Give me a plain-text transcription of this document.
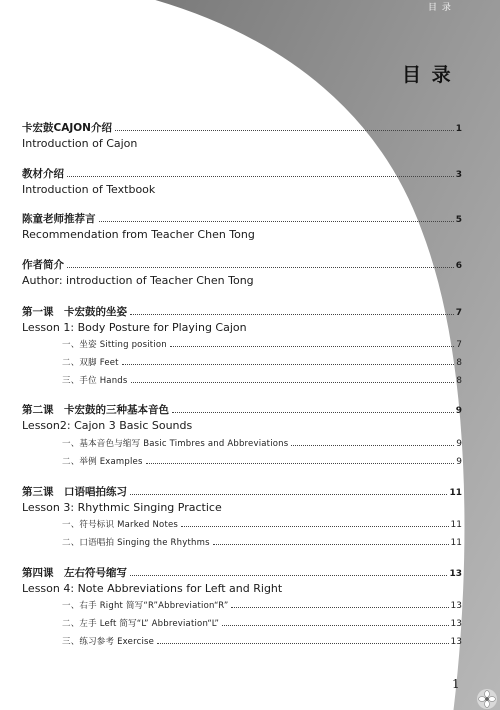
目 录
目 录
卡宏鼓CAJON介绍	1
Introduction of Cajon
教材介绍	3
Introduction of Textbook
陈童老师推荐言	5
Recommendation from Teacher Chen Tong
作者简介	6
Author: introduction of Teacher Chen Tong
第一课　卡宏鼓的坐姿	7
Lesson 1: Body Posture for Playing Cajon
一、坐姿 Sitting position	7
二、双脚 Feet	8
三、手位 Hands	8
第二课　卡宏鼓的三种基本音色	9
Lesson2: Cajon 3 Basic Sounds
一、基本音色与缩写 Basic Timbres and Abbreviations	9
二、举例 Examples	9
第三课　口语唱拍练习	11
Lesson 3: Rhythmic Singing Practice
一、符号标识 Marked Notes	11
二、口语唱拍 Singing the Rhythms	11
第四课　左右符号缩写	13
Lesson 4: Note Abbreviations for Left and Right
一、右手 Right 简写“R”Abbreviation“R”	13
二、左手 Left 简写“L” Abbreviation“L”	13
三、练习参考 Exercise	13
1
